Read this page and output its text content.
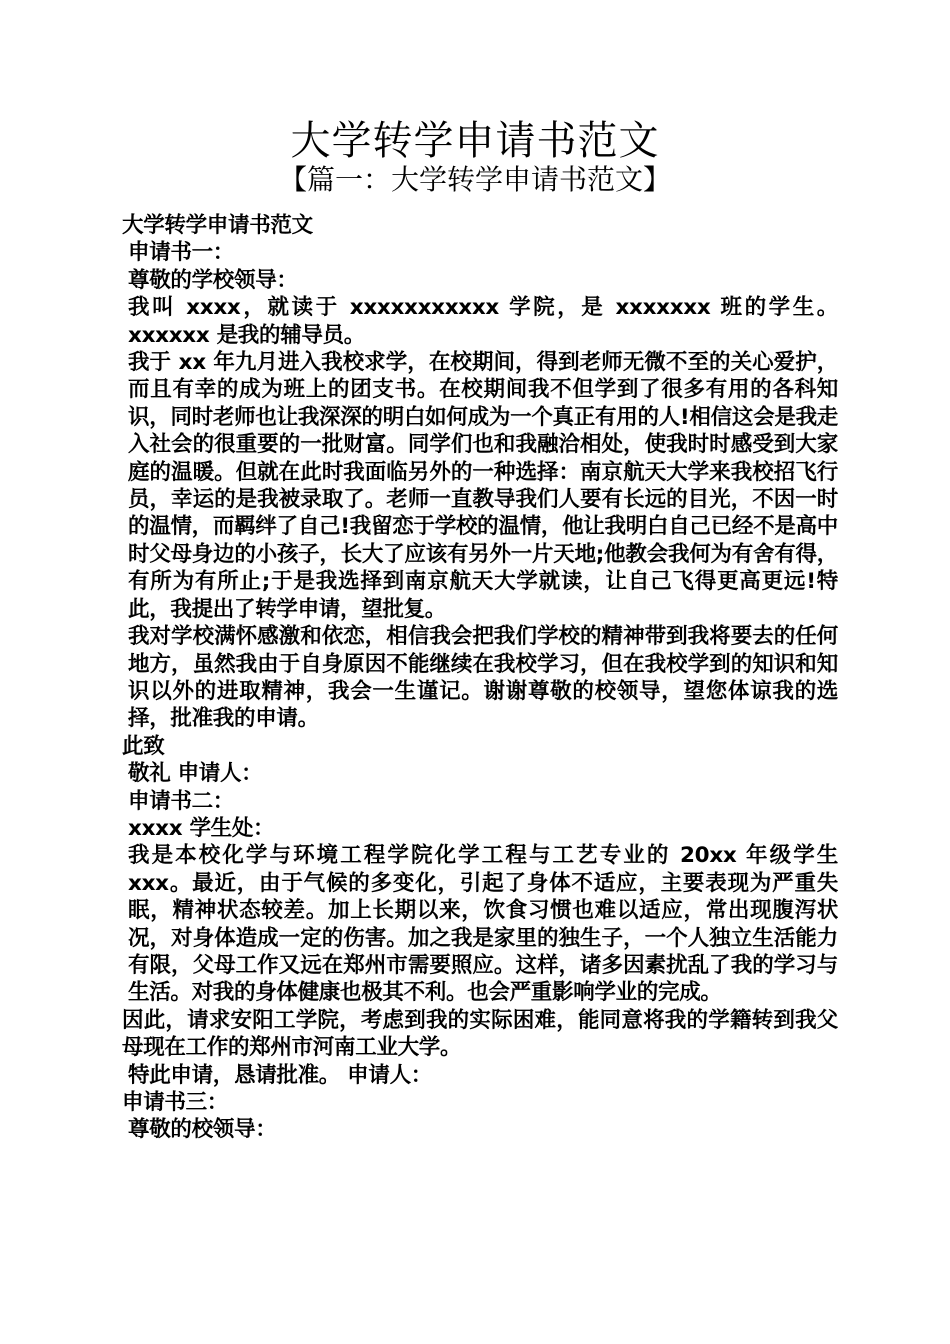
大学转学申请书范文
【篇一：大学转学申请书范文】

大学转学申请书范文

申请书一：

尊敬的学校领导：

我叫 xxxx，就读于 xxxxxxxxxxx 学院，是 xxxxxxx 班的学生。xxxxxx 是我的辅导员。

我于 xx 年九月进入我校求学，在校期间，得到老师无微不至的关心爱护，而且有幸的成为班上的团支书。在校期间我不但学到了很多有用的各科知识，同时老师也让我深深的明白如何成为一个真正有用的人!相信这会是我走入社会的很重要的一批财富。同学们也和我融洽相处，使我时时感受到大家庭的温暖。但就在此时我面临另外的一种选择：南京航天大学来我校招飞行员，幸运的是我被录取了。老师一直教导我们人要有长远的目光，不因一时的温情，而羁绊了自己!我留恋于学校的温情，他让我明白自己已经不是高中时父母身边的小孩子，长大了应该有另外一片天地;他教会我何为有舍有得，有所为有所止;于是我选择到南京航天大学就读，让自己飞得更高更远!特此，我提出了转学申请，望批复。

我对学校满怀感激和依恋，相信我会把我们学校的精神带到我将要去的任何地方，虽然我由于自身原因不能继续在我校学习，但在我校学到的知识和知识以外的进取精神，我会一生谨记。谢谢尊敬的校领导，望您体谅我的选择，批准我的申请。

此致

敬礼 申请人：

申请书二：

xxxx 学生处：

我是本校化学与环境工程学院化学工程与工艺专业的 20xx 年级学生 xxx。最近，由于气候的多变化，引起了身体不适应，主要表现为严重失眠，精神状态较差。加上长期以来，饮食习惯也难以适应，常出现腹泻状况，对身体造成一定的伤害。加之我是家里的独生子，一个人独立生活能力有限，父母工作又远在郑州市需要照应。这样，诸多因素扰乱了我的学习与生活。对我的身体健康也极其不利。也会严重影响学业的完成。

因此，请求安阳工学院，考虑到我的实际困难，能同意将我的学籍转到我父母现在工作的郑州市河南工业大学。

特此申请，恳请批准。 申请人：

申请书三：

尊敬的校领导：
